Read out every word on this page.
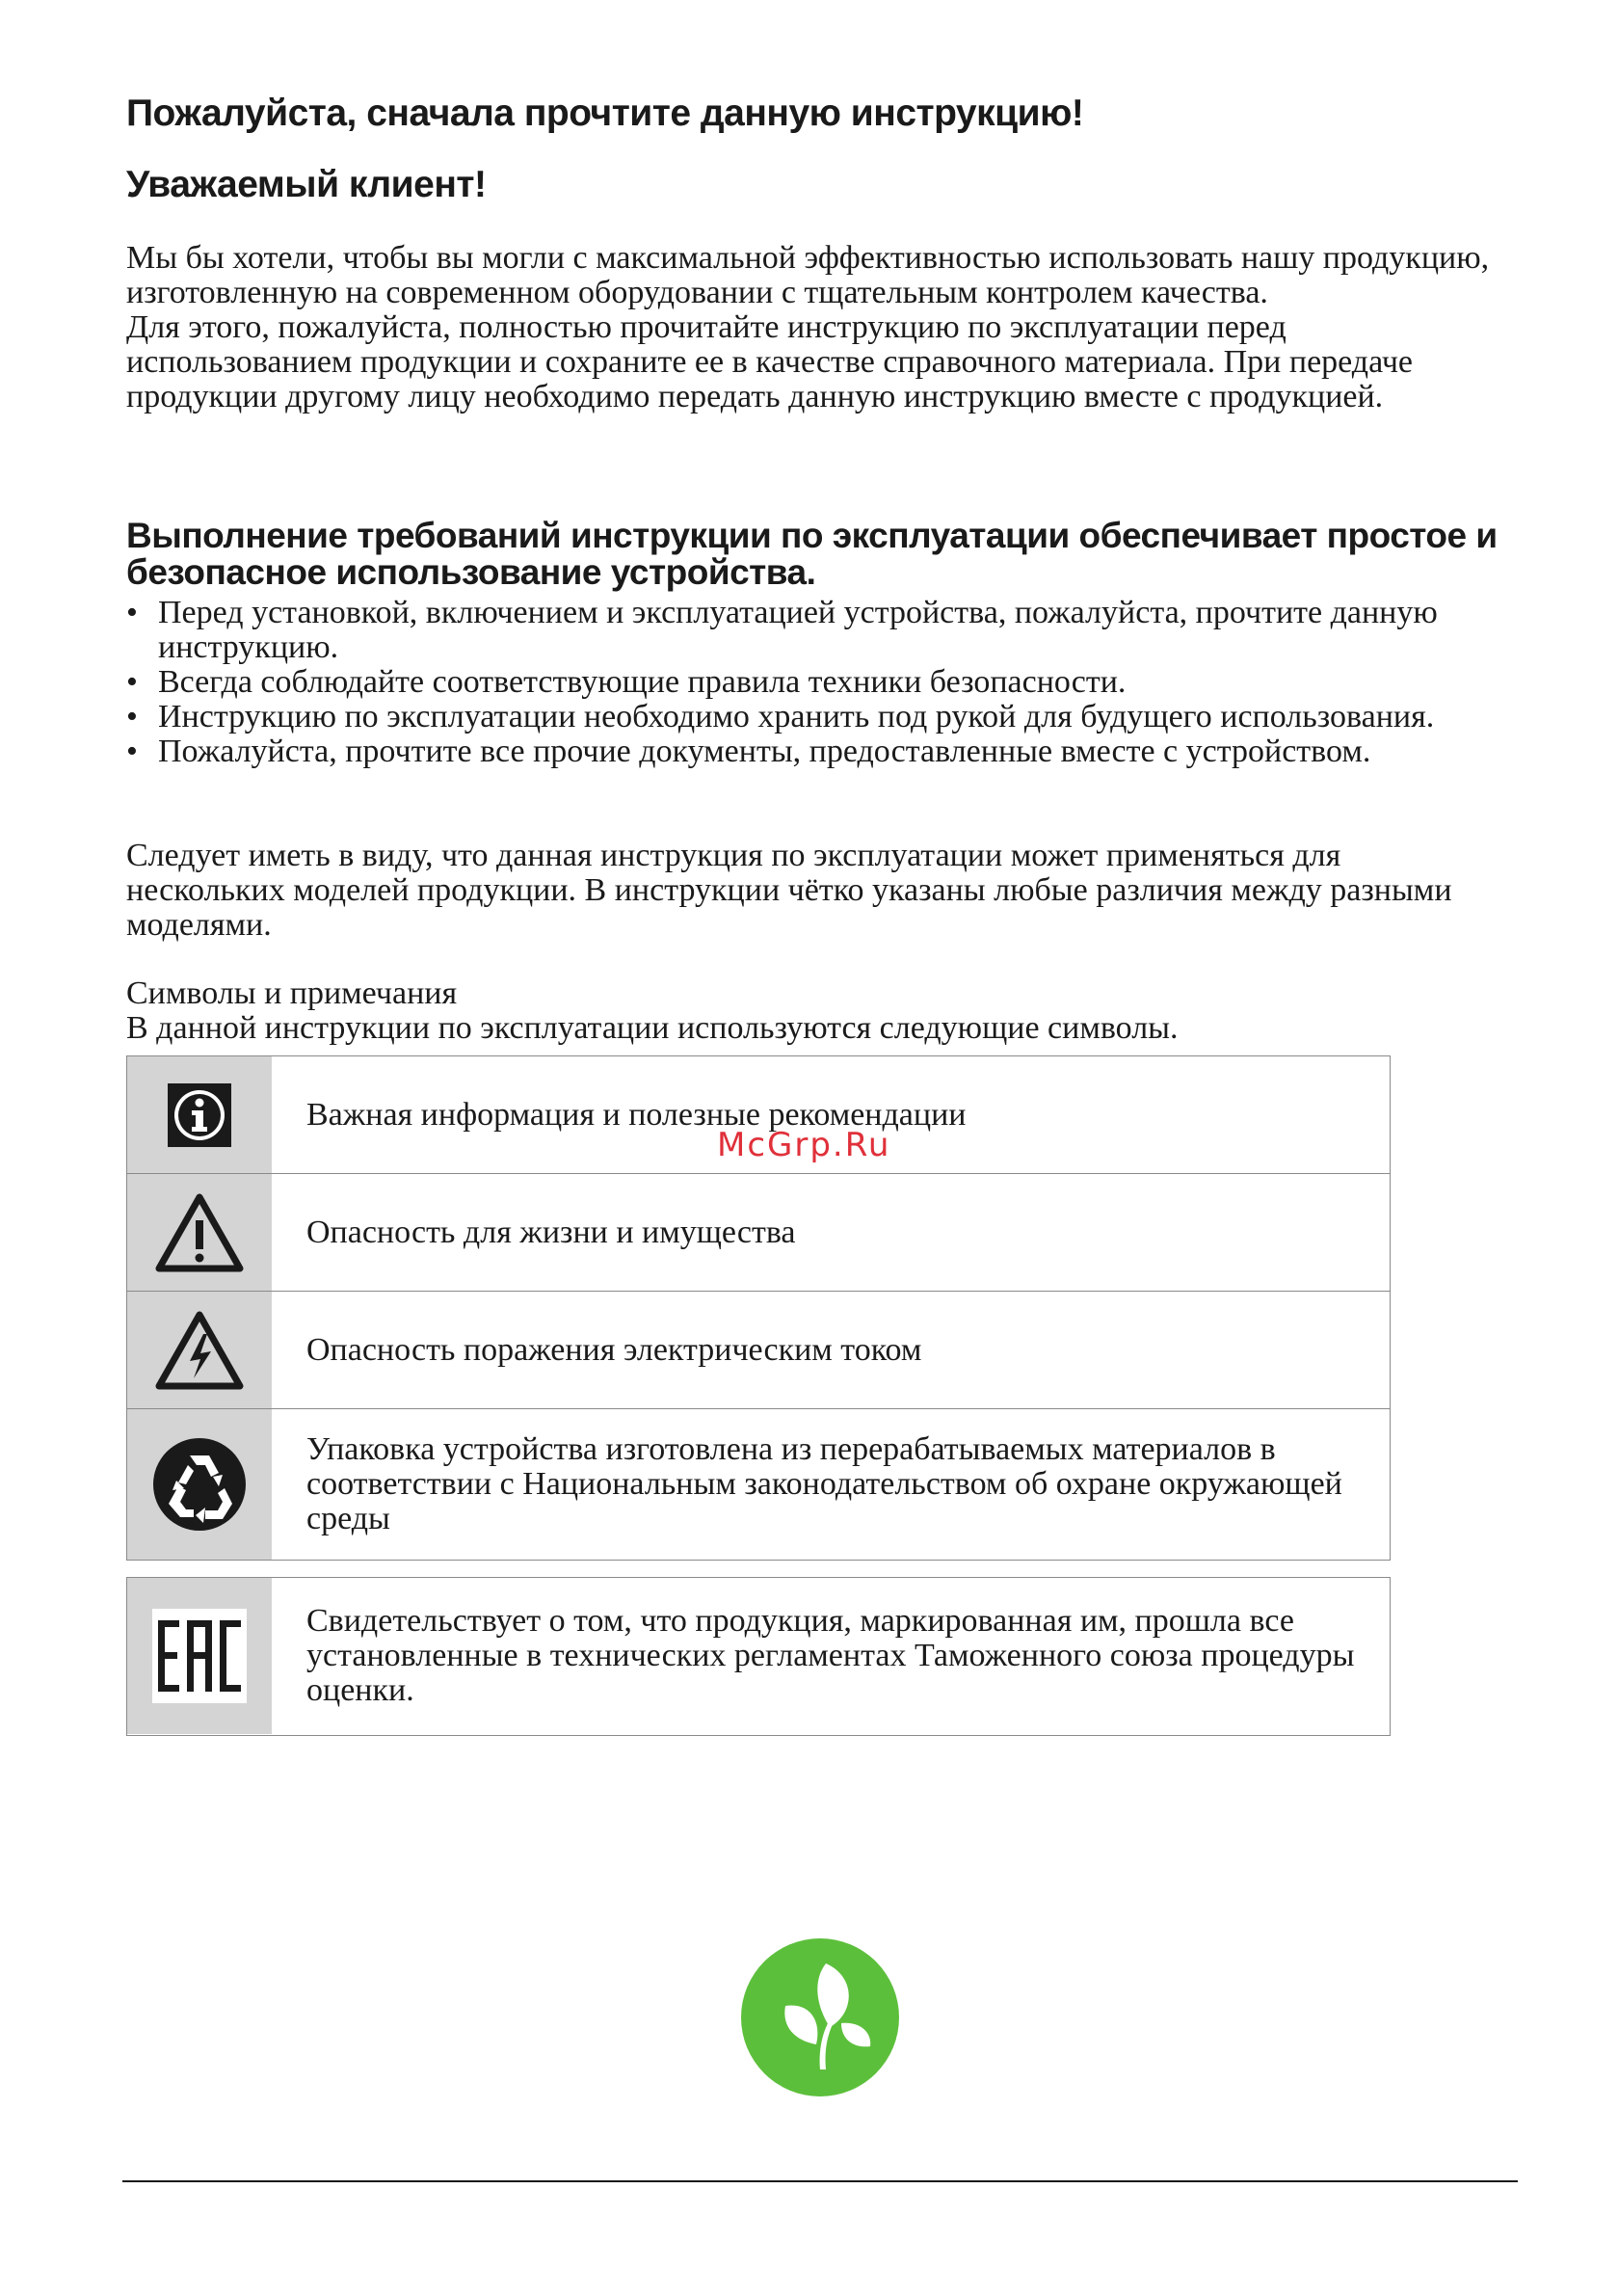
Пожалуйста, сначала прочтите данную инструкцию!
Уважаемый клиент!

Мы бы хотели, чтобы вы могли с максимальной эффективностью использовать нашу продукцию, изготовленную на современном оборудовании с тщательным контролем качества.

Для этого, пожалуйста, полностью прочитайте инструкцию по эксплуатации перед использованием продукции и сохраните ее в качестве справочного материала. При передаче продукции другому лицу необходимо передать данную инструкцию вместе с продукцией.

Выполнение требований инструкции по эксплуатации обеспечивает простое и безопасное использование устройства.
• Перед установкой, включением и эксплуатацией устройства, пожалуйста, прочтите данную инструкцию.
• Всегда соблюдайте соответствующие правила техники безопасности.
• Инструкцию по эксплуатации необходимо хранить под рукой для будущего использования.
• Пожалуйста, прочтите все прочие документы, предоставленные вместе с устройством.
Следует иметь в виду, что данная инструкция по эксплуатации может применяться для нескольких моделей продукции. В инструкции чётко указаны любые различия между разными моделями.
Символы и примечания
В данной инструкции по эксплуатации используются следующие символы.
Важная информация и полезные рекомендации
Опасность для жизни и имущества
Опасность поражения электрическим током
Упаковка устройства изготовлена из перерабатываемых материалов в соответствии с Национальным законодательством об охране окружающей среды
Свидетельствует о том, что продукция, маркированная им, прошла все установленные в технических регламентах Таможенного союза процедуры оценки.
McGrp.Ru
